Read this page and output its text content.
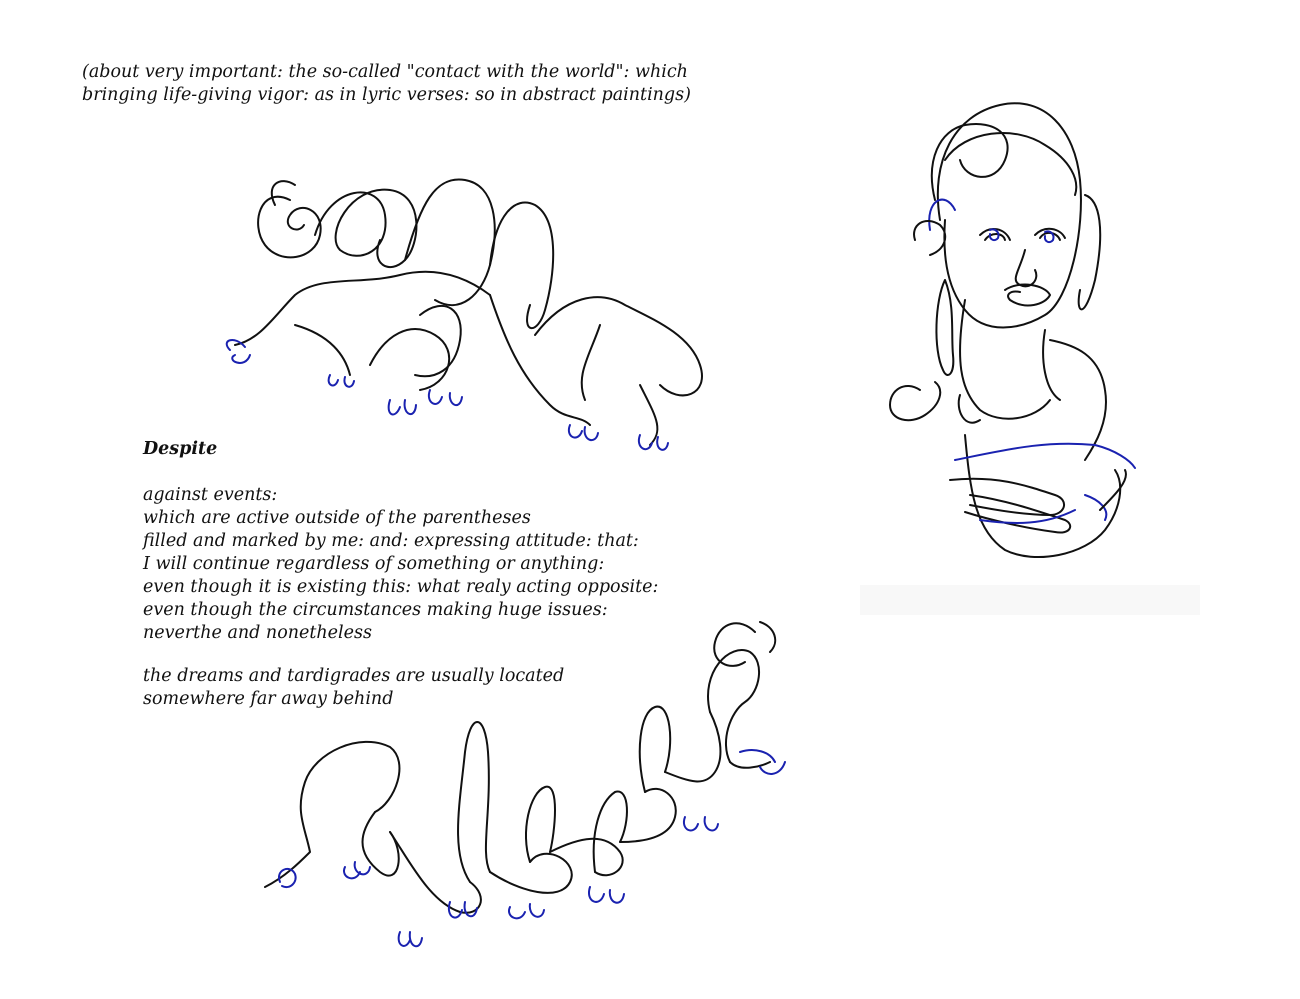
(about very important: the so-called "contact with the world": which
bringing life-giving vigor: as in lyric verses: so in abstract paintings)
Despite
against events:
which are active outside of the parentheses
filled and marked by me: and: expressing attitude: that:
I will continue regardless of something or anything:
even though it is existing this: what realy acting opposite:
even though the circumstances making huge issues:
neverthe and nonetheless
the dreams and tardigrades are usually located
somewhere far away behind
